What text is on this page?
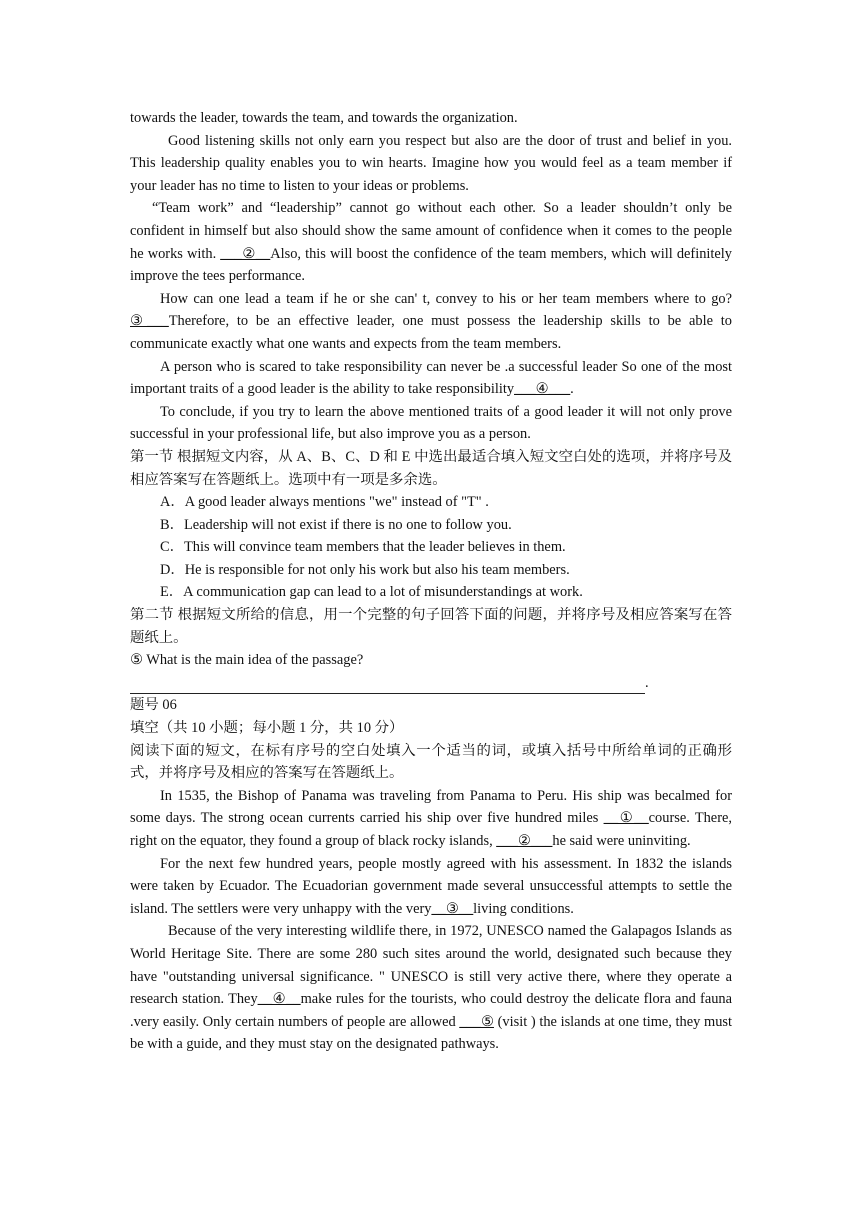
towards the leader, towards the team, and towards the organization.

Good listening skills not only earn you respect but also are the door of trust and belief in you. This leadership quality enables you to win hearts. Imagine how you would feel as a team member if your leader has no time to listen to your ideas or problems.

“Team work” and “leadership” cannot go without each other. So a leader shouldn’t only be confident in himself but also should show the same amount of confidence when it comes to the people he works with. ___②__Also, this will boost the confidence of the team members, which will definitely improve the tees performance.

How can one lead a team if he or she can' t, convey to his or her team members where to go? ③___Therefore, to be an effective leader, one must possess the leadership skills to be able to communicate exactly what one wants and expects from the team members.

A person who is scared to take responsibility can never be .a successful leader So one of the most important traits of a good leader is the ability to take responsibility___④___.

To conclude, if you try to learn the above mentioned traits of a good leader it will not only prove successful in your professional life, but also improve you as a person.

第一节 根据短文内容，从 A、B、C、D 和 E 中选出最适合填入短文空白处的选项，并将序号及相应答案写在答题纸上。选项中有一项是多余选。

A．A good leader always mentions "we" instead of "T" .

B．Leadership will not exist if there is no one to follow you.

C．This will convince team members that the leader believes in them.

D．He is responsible for not only his work but also his team members.

E．A communication gap can lead to a lot of misunderstandings at work.

第二节 根据短文所给的信息，用一个完整的句子回答下面的问题，并将序号及相应答案写在答题纸上。

⑤ What is the main idea of the passage?

.

题号 06

填空（共 10 小题；每小题 1 分，共 10 分）

阅读下面的短文，在标有序号的空白处填入一个适当的词，或填入括号中所给单词的正确形式，并将序号及相应的答案写在答题纸上。

In 1535, the Bishop of Panama was traveling from Panama to Peru. His ship was becalmed for some days. The strong ocean currents carried his ship over five hundred miles __①__course. There, right on the equator, they found a group of black rocky islands, ___②___he said were uninviting.

For the next few hundred years, people mostly agreed with his assessment. In 1832 the islands were taken by Ecuador. The Ecuadorian government made several unsuccessful attempts to settle the island. The settlers were very unhappy with the very__③__living conditions.

Because of the very interesting wildlife there, in 1972, UNESCO named the Galapagos Islands as World Heritage Site. There are some 280 such sites around the world, designated such because they have "outstanding universal significance. " UNESCO is still very active there, where they operate a research station. They__④__make rules for the tourists, who could destroy the delicate flora and fauna .very easily. Only certain numbers of people are allowed ___⑤ (visit ) the islands at one time, they must be with a guide, and they must stay on the designated pathways.
